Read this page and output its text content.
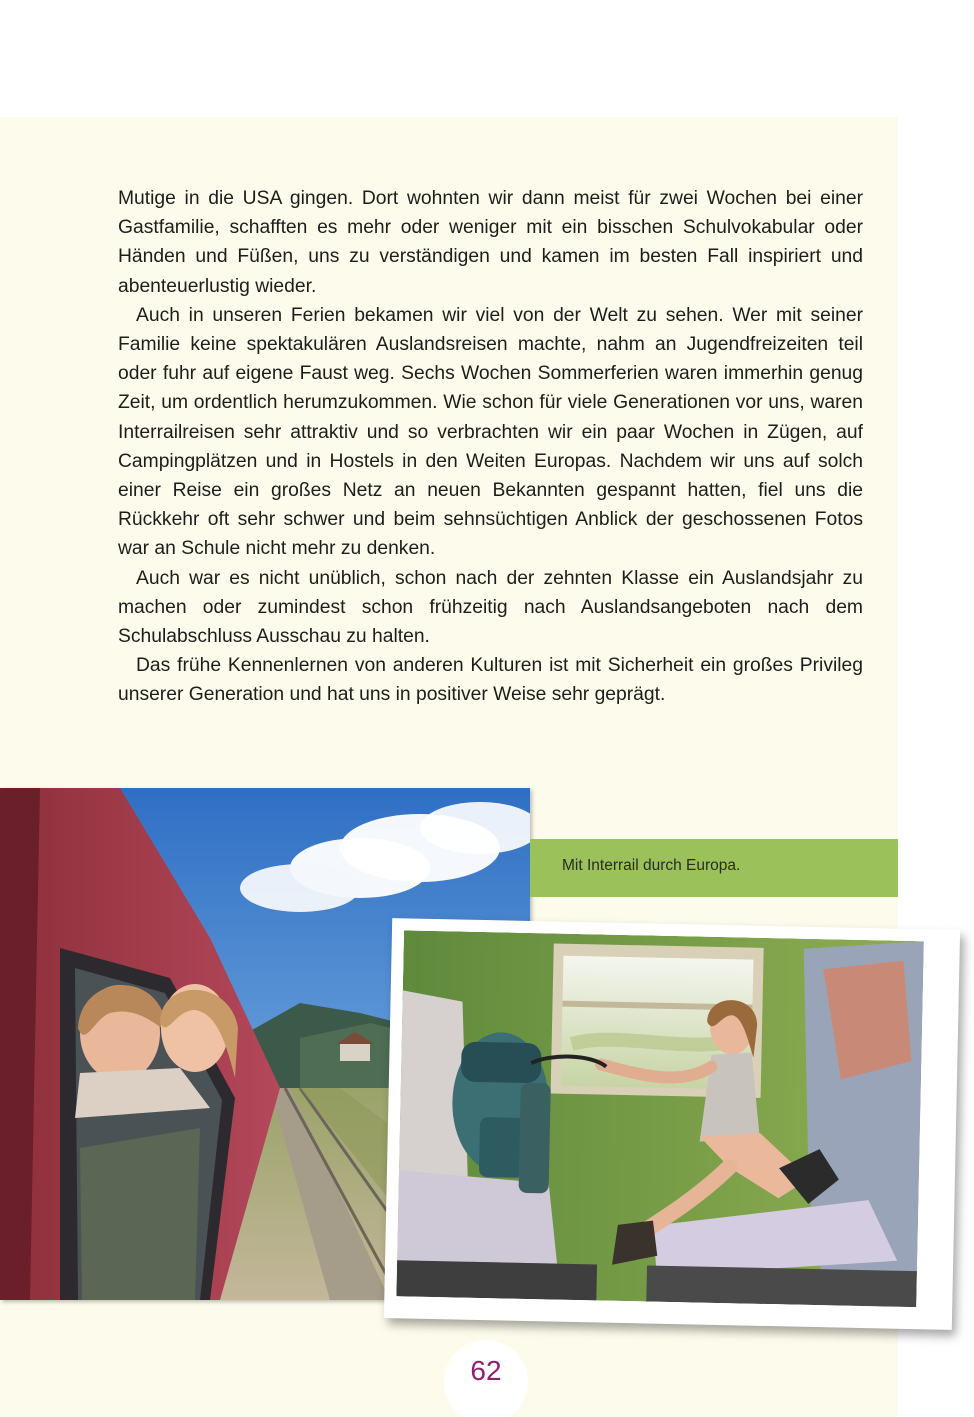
Mutige in die USA gingen. Dort wohnten wir dann meist für zwei Wochen bei einer Gastfamilie, schafften es mehr oder weniger mit ein bisschen Schulvokabular oder Händen und Füßen, uns zu verständigen und kamen im besten Fall inspiriert und abenteuerlustig wieder.

Auch in unseren Ferien bekamen wir viel von der Welt zu sehen. Wer mit seiner Familie keine spektakulären Auslandsreisen machte, nahm an Jugendfreizeiten teil oder fuhr auf eigene Faust weg. Sechs Wochen Sommerferien waren immerhin genug Zeit, um ordentlich herumzukommen. Wie schon für viele Generationen vor uns, waren Interrailreisen sehr attraktiv und so verbrachten wir ein paar Wochen in Zügen, auf Campingplätzen und in Hostels in den Weiten Europas. Nachdem wir uns auf solch einer Reise ein großes Netz an neuen Bekannten gespannt hatten, fiel uns die Rückkehr oft sehr schwer und beim sehnsüchtigen Anblick der geschossenen Fotos war an Schule nicht mehr zu denken.

Auch war es nicht unüblich, schon nach der zehnten Klasse ein Auslandsjahr zu machen oder zumindest schon frühzeitig nach Auslandsangeboten nach dem Schulabschluss Ausschau zu halten.

Das frühe Kennenlernen von anderen Kulturen ist mit Sicherheit ein großes Privileg unserer Generation und hat uns in positiver Weise sehr geprägt.

Mit Interrail durch Europa.
62
